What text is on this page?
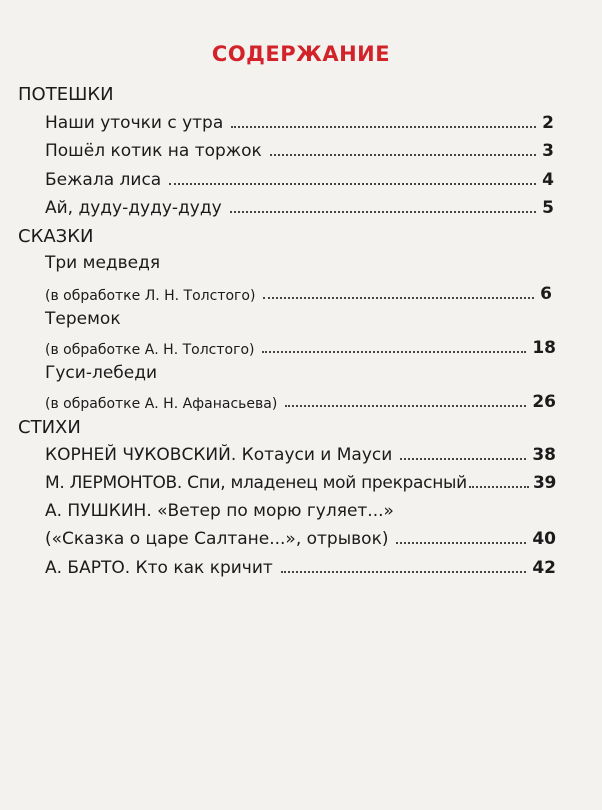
СОДЕРЖАНИЕ
ПОТЕШКИ
Наши уточки с утра	2
Пошёл котик на торжок	3
Бежала лиса	4
Ай, дуду-дуду-дуду	5
СКАЗКИ
Три медведя
(в обработке Л. Н. Толстого)	6
Теремок
(в обработке А. Н. Толстого)	18
Гуси-лебеди
(в обработке А. Н. Афанасьева)	26
СТИХИ
КОРНЕЙ ЧУКОВСКИЙ. Котауси и Мауси	38
М. ЛЕРМОНТОВ. Спи, младенец мой прекрасный	39
А. ПУШКИН. «Ветер по морю гуляет...»
(«Сказка о царе Салтане...», отрывок)	40
А. БАРТО. Кто как кричит	42
